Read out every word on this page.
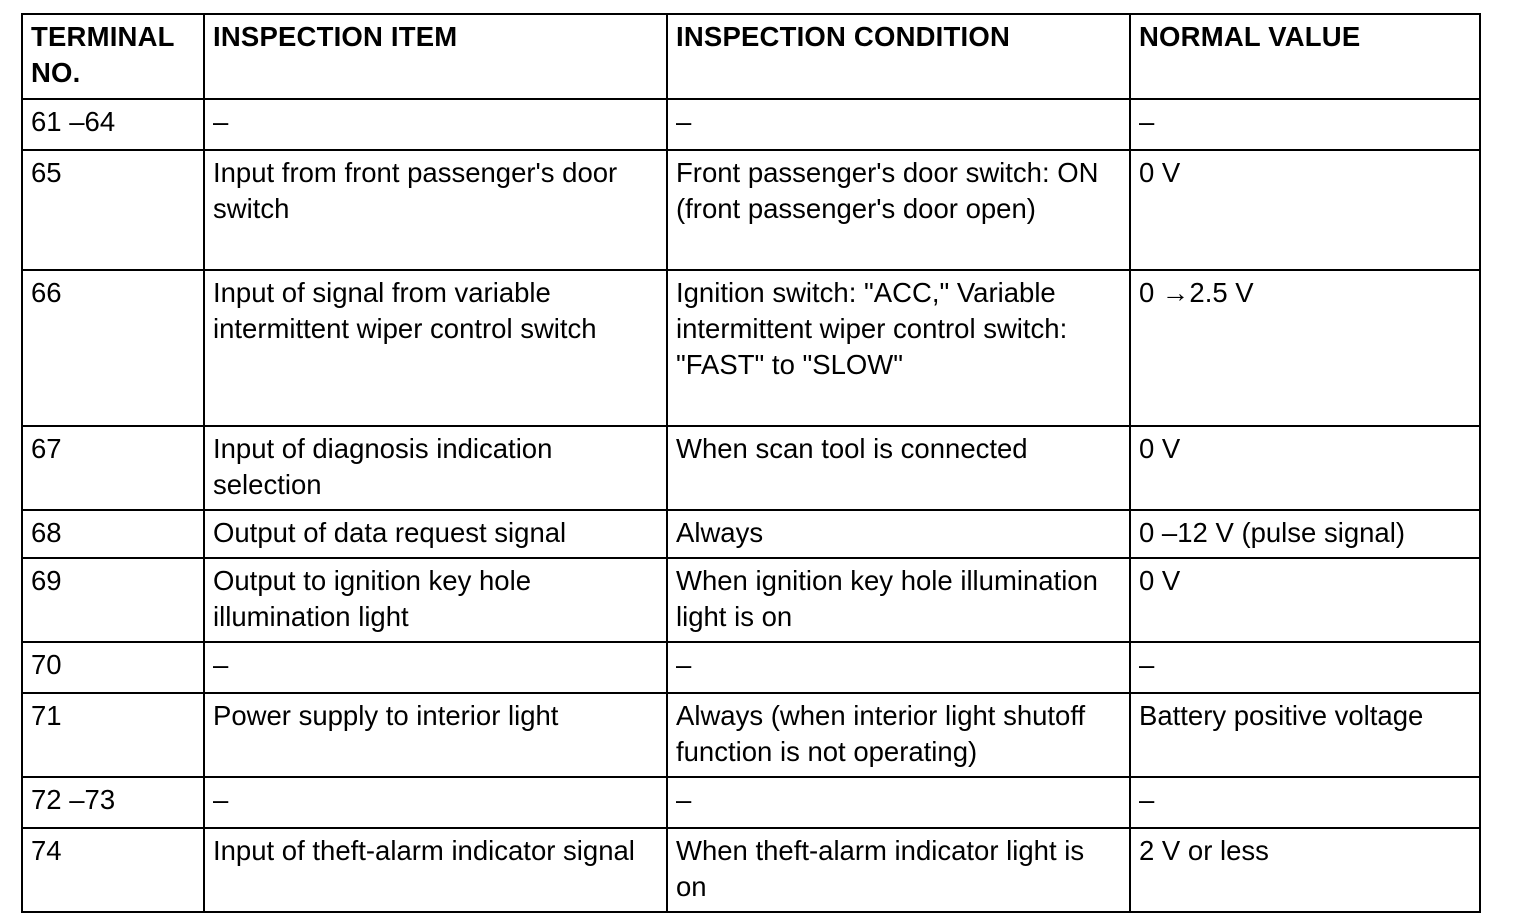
TERMINAL NO.	INSPECTION ITEM	INSPECTION CONDITION	NORMAL VALUE
61 –64	–	–	–
65	Input from front passenger's door switch	Front passenger's door switch: ON (front passenger's door open)	0 V
66	Input of signal from variable intermittent wiper control switch	Ignition switch: "ACC," Variable intermittent wiper control switch: "FAST" to "SLOW"	0 →2.5 V
67	Input of diagnosis indication selection	When scan tool is connected	0 V
68	Output of data request signal	Always	0 –12 V (pulse signal)
69	Output to ignition key hole illumination light	When ignition key hole illumination light is on	0 V
70	–	–	–
71	Power supply to interior light	Always (when interior light shutoff function is not operating)	Battery positive voltage
72 –73	–	–	–
74	Input of theft-alarm indicator signal	When theft-alarm indicator light is on	2 V or less
